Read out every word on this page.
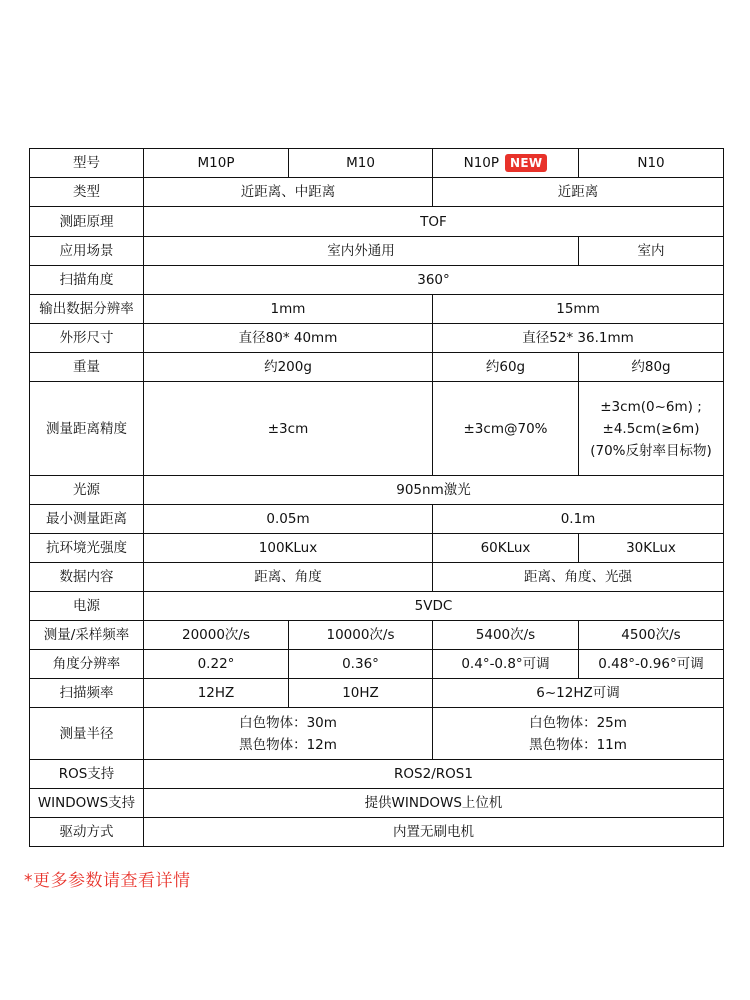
型号	M10P	M10	N10P NEW	N10
类型	近距离、中距离		近距离	
测距原理	TOF			
应用场景	室内外通用			室内
扫描角度	360°			
输出数据分辨率	1mm		15mm	
外形尺寸	直径80* 40mm		直径52* 36.1mm	
重量	约200g		约60g	约80g
测量距离精度	±3cm		±3cm@70%	±3cm(0~6m) ;
±4.5cm(≥6m)
(70%反射率目标物)

光源	905nm激光			
最小测量距离	0.05m		0.1m	
抗环境光强度	100KLux		60KLux	30KLux
数据内容	距离、角度		距离、角度、光强	
电源	5VDC			
测量/采样频率	20000次/s	10000次/s	5400次/s	4500次/s
角度分辨率	0.22°	0.36°	0.4°-0.8°可调	0.48°-0.96°可调
扫描频率	12HZ	10HZ	6~12HZ可调	
测量半径	白色物体：30m
黑色物体：12m		白色物体：25m
黑色物体：11m	

ROS支持	ROS2/ROS1			
WINDOWS支持	提供WINDOWS上位机			
驱动方式	内置无刷电机			
*更多参数请查看详情
